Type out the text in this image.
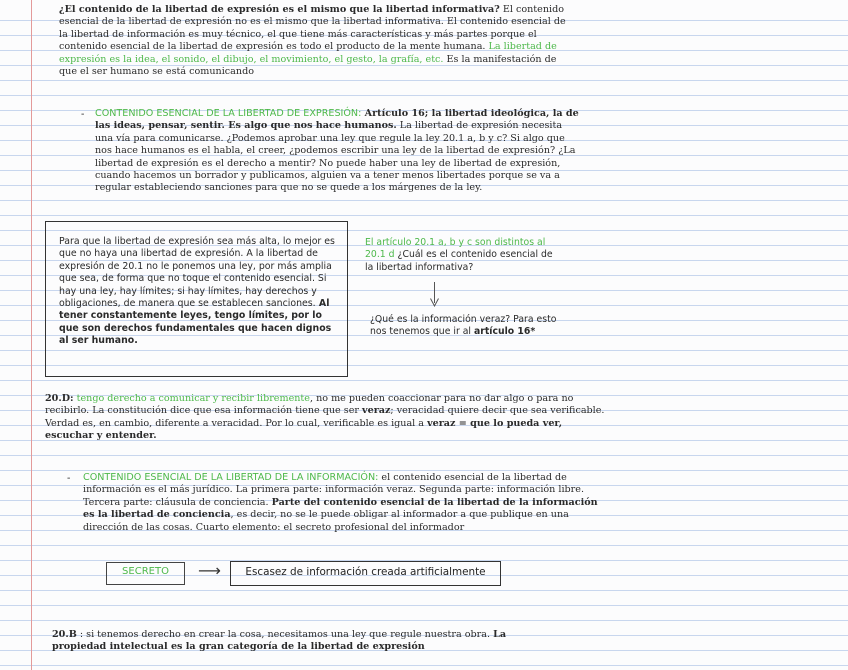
¿El contenido de la libertad de expresión es el mismo que la libertad informativa? El contenido esencial de la libertad de expresión no es el mismo que la libertad informativa. El contenido esencial de la libertad de información es muy técnico, el que tiene más características y más partes porque el contenido esencial de la libertad de expresión es todo el producto de la mente humana. La libertad de expresión es la idea, el sonido, el dibujo, el movimiento, el gesto, la grafía, etc. Es la manifestación de que el ser humano se está comunicando

- CONTENIDO ESENCIAL DE LA LIBERTAD DE EXPRESIÓN: Artículo 16; la libertad ideológica, la de las ideas, pensar, sentir. Es algo que nos hace humanos. La libertad de expresión necesita una vía para comunicarse. ¿Podemos aprobar una ley que regule la ley 20.1 a, b y c? Si algo que nos hace humanos es el habla, el creer, ¿podemos escribir una ley de la libertad de expresión? ¿La libertad de expresión es el derecho a mentir? No puede haber una ley de libertad de expresión, cuando hacemos un borrador y publicamos, alguien va a tener menos libertades porque se va a regular estableciendo sanciones para que no se quede a los márgenes de la ley.

Para que la libertad de expresión sea más alta, lo mejor es que no haya una libertad de expresión. A la libertad de expresión de 20.1 no le ponemos una ley, por más amplia que sea, de forma que no toque el contenido esencial. Si hay una ley, hay límites; si hay límites, hay derechos y obligaciones, de manera que se establecen sanciones. Al tener constantemente leyes, tengo límites, por lo que son derechos fundamentales que hacen dignos al ser humano.

El artículo 20.1 a, b y c son distintos al 20.1 d ¿Cuál es el contenido esencial de la libertad informativa?

¿Qué es la información veraz? Para esto nos tenemos que ir al artículo 16*

20.D: tengo derecho a comunicar y recibir libremente, no me pueden coaccionar para no dar algo o para no recibirlo. La constitución dice que esa información tiene que ser veraz; veracidad quiere decir que sea verificable. Verdad es, en cambio, diferente a veracidad. Por lo cual, verificable es igual a veraz = que lo pueda ver, escuchar y entender.

- CONTENIDO ESENCIAL DE LA LIBERTAD DE LA INFORMACIÓN: el contenido esencial de la libertad de información es el más jurídico. La primera parte: información veraz. Segunda parte: información libre. Tercera parte: cláusula de conciencia. Parte del contenido esencial de la libertad de la información es la libertad de conciencia, es decir, no se le puede obligar al informador a que publique en una dirección de las cosas. Cuarto elemento: el secreto profesional del informador

SECRETO	⟶	Escasez de información creada artificialmente

20.B : si tenemos derecho en crear la cosa, necesitamos una ley que regule nuestra obra. La propiedad intelectual es la gran categoría de la libertad de expresión
